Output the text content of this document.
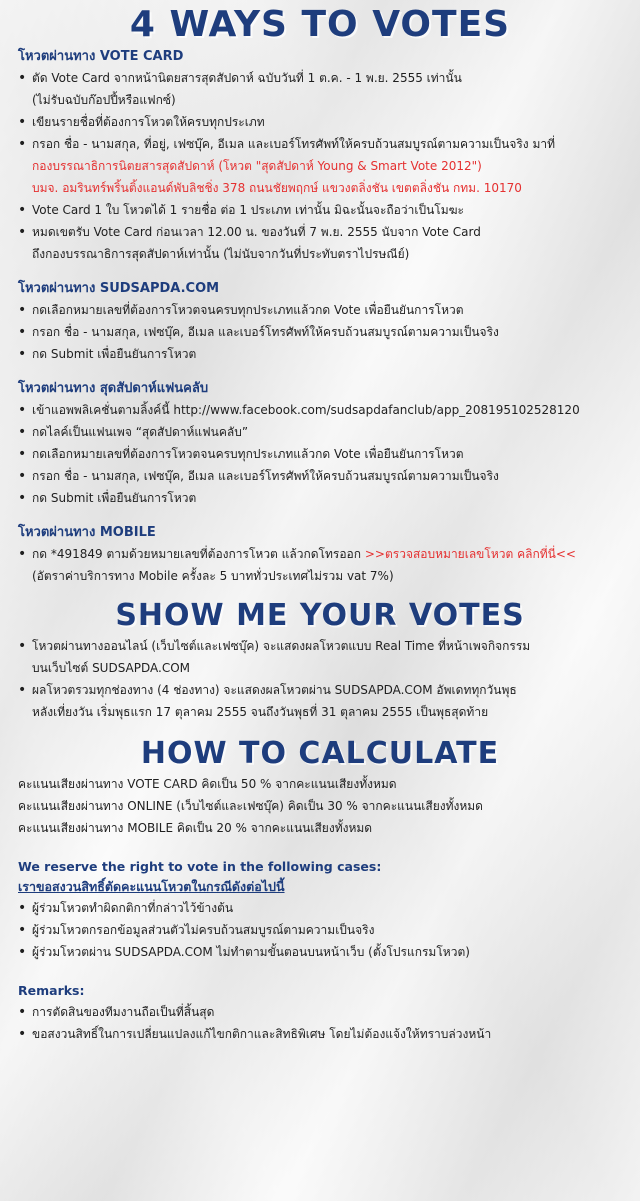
4 WAYS TO VOTES
โหวตผ่านทาง VOTE CARD
• ตัด Vote Card จากหน้านิตยสารสุดสัปดาห์ ฉบับวันที่ 1 ต.ค. - 1 พ.ย. 2555 เท่านั้น
(ไม่รับฉบับก๊อปปี้หรือแฟกซ์)
• เขียนรายชื่อที่ต้องการโหวตให้ครบทุกประเภท
• กรอก ชื่อ - นามสกุล, ที่อยู่, เฟซบุ๊ค, อีเมล และเบอร์โทรศัพท์ให้ครบถ้วนสมบูรณ์ตามความเป็นจริง มาที่
กองบรรณาธิการนิตยสารสุดสัปดาห์ (โหวต "สุดสัปดาห์ Young & Smart Vote 2012")
บมจ. อมรินทร์พริ้นติ้งแอนด์พับลิชชิ่ง 378 ถนนชัยพฤกษ์ แขวงตลิ่งชัน เขตตลิ่งชัน กทม. 10170
• Vote Card 1 ใบ โหวตได้ 1 รายชื่อ ต่อ 1 ประเภท เท่านั้น มิฉะนั้นจะถือว่าเป็นโมฆะ
• หมดเขตรับ Vote Card ก่อนเวลา 12.00 น. ของวันที่ 7 พ.ย. 2555 นับจาก Vote Card
ถึงกองบรรณาธิการสุดสัปดาห์เท่านั้น (ไม่นับจากวันที่ประทับตราไปรษณีย์)
โหวตผ่านทาง SUDSAPDA.COM
• กดเลือกหมายเลขที่ต้องการโหวตจนครบทุกประเภทแล้วกด Vote เพื่อยืนยันการโหวต
• กรอก ชื่อ - นามสกุล, เฟซบุ๊ค, อีเมล และเบอร์โทรศัพท์ให้ครบถ้วนสมบูรณ์ตามความเป็นจริง
• กด Submit เพื่อยืนยันการโหวต
โหวตผ่านทาง สุดสัปดาห์แฟนคลับ
• เข้าแอพพลิเคชั่นตามลิ้งค์นี้ http://www.facebook.com/sudsapdafanclub/app_208195102528120
• กดไลค์เป็นแฟนเพจ “สุดสัปดาห์แฟนคลับ”
• กดเลือกหมายเลขที่ต้องการโหวตจนครบทุกประเภทแล้วกด Vote เพื่อยืนยันการโหวต
• กรอก ชื่อ - นามสกุล, เฟซบุ๊ค, อีเมล และเบอร์โทรศัพท์ให้ครบถ้วนสมบูรณ์ตามความเป็นจริง
• กด Submit เพื่อยืนยันการโหวต
โหวตผ่านทาง MOBILE
• กด *491849 ตามด้วยหมายเลขที่ต้องการโหวต แล้วกดโทรออก >>ตรวจสอบหมายเลขโหวต คลิกที่นี่<<
(อัตราค่าบริการทาง Mobile ครั้งละ 5 บาททั่วประเทศไม่รวม vat 7%)
SHOW ME YOUR VOTES
• โหวตผ่านทางออนไลน์ (เว็บไซต์และเฟซบุ๊ค) จะแสดงผลโหวตแบบ Real Time ที่หน้าเพจกิจกรรม
บนเว็บไซต์ SUDSAPDA.COM
• ผลโหวตรวมทุกช่องทาง (4 ช่องทาง) จะแสดงผลโหวตผ่าน SUDSAPDA.COM อัพเดททุกวันพุธ
หลังเที่ยงวัน เริ่มพุธแรก 17 ตุลาคม 2555 จนถึงวันพุธที่ 31 ตุลาคม 2555 เป็นพุธสุดท้าย
HOW TO CALCULATE
คะแนนเสียงผ่านทาง VOTE CARD คิดเป็น 50 % จากคะแนนเสียงทั้งหมด
คะแนนเสียงผ่านทาง ONLINE (เว็บไซต์และเฟซบุ๊ค) คิดเป็น 30 % จากคะแนนเสียงทั้งหมด
คะแนนเสียงผ่านทาง MOBILE คิดเป็น 20 % จากคะแนนเสียงทั้งหมด
We reserve the right to vote in the following cases:
เราขอสงวนสิทธิ์ตัดคะแนนโหวตในกรณีดังต่อไปนี้
• ผู้ร่วมโหวตทำผิดกติกาที่กล่าวไว้ข้างต้น
• ผู้ร่วมโหวตกรอกข้อมูลส่วนตัวไม่ครบถ้วนสมบูรณ์ตามความเป็นจริง
• ผู้ร่วมโหวตผ่าน SUDSAPDA.COM ไม่ทำตามขั้นตอนบนหน้าเว็บ (ตั้งโปรแกรมโหวต)
Remarks:
• การตัดสินของทีมงานถือเป็นที่สิ้นสุด
• ขอสงวนสิทธิ์ในการเปลี่ยนแปลงแก้ไขกติกาและสิทธิพิเศษ โดยไม่ต้องแจ้งให้ทราบล่วงหน้า
